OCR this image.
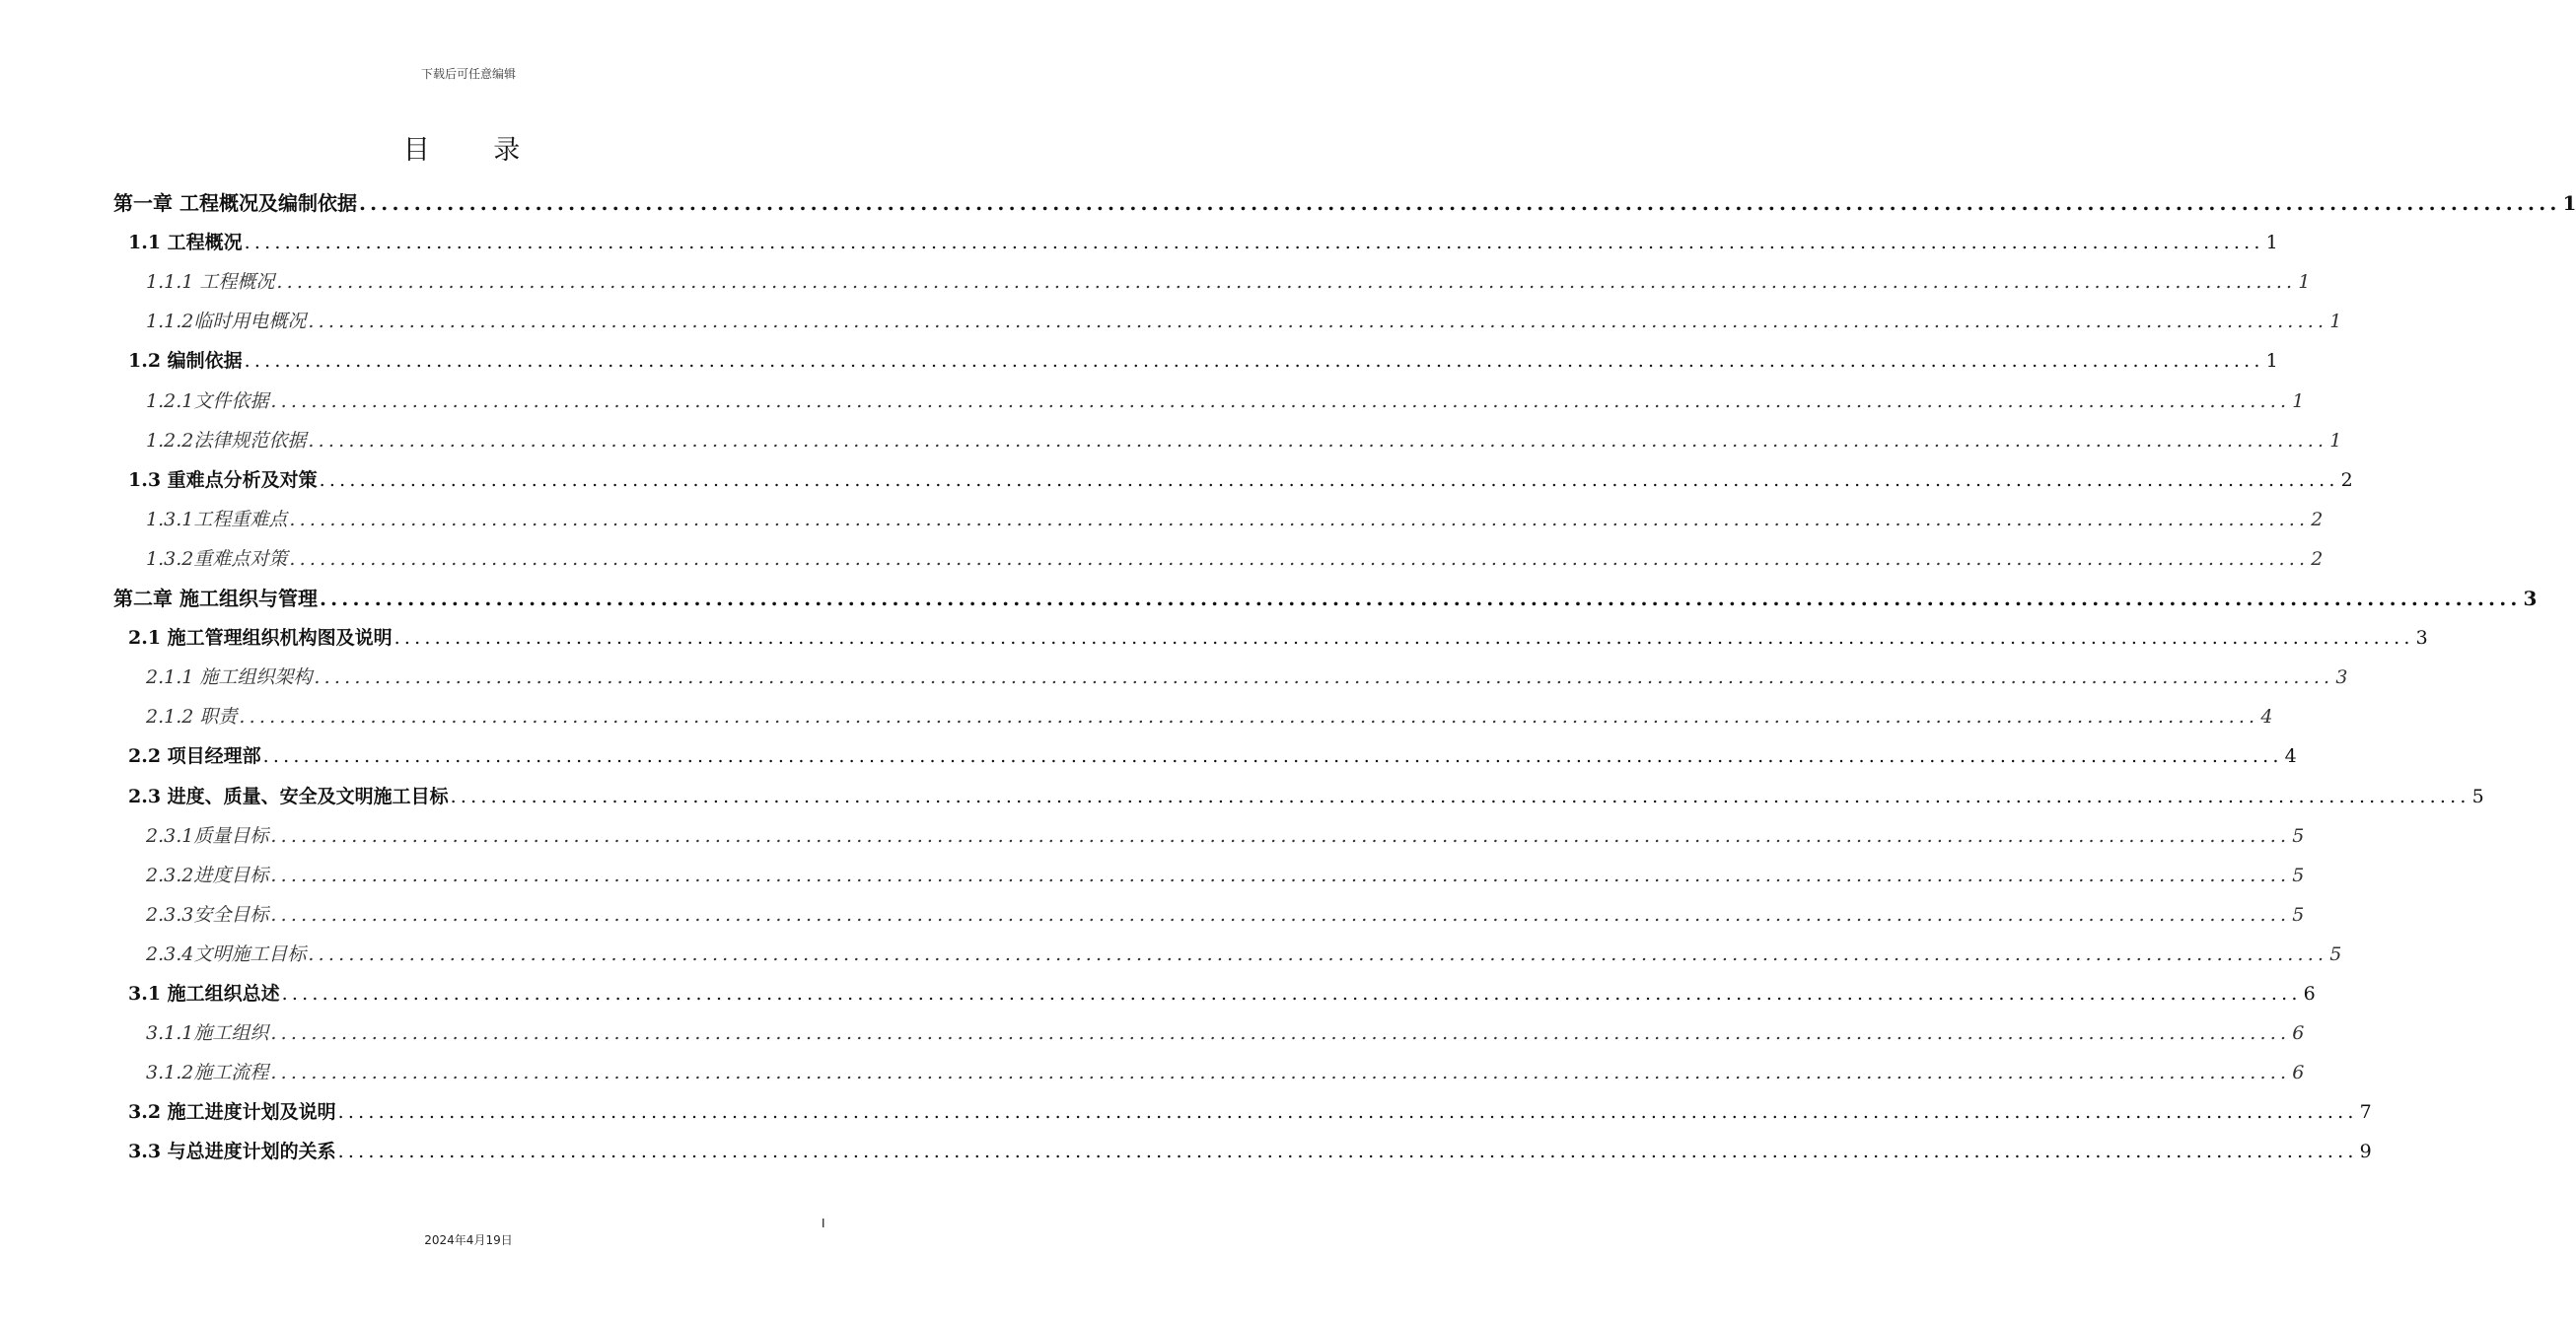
下载后可任意编辑
目 录
第一章 工程概况及编制依据 ........................................................................................................................................................................................................ 1
1.1 工程概况 ........................................................................................................................................................................................................ 1
1.1.1 工程概况 ........................................................................................................................................................................................................ 1
1.1.2临时用电概况 ........................................................................................................................................................................................................ 1
1.2 编制依据 ........................................................................................................................................................................................................ 1
1.2.1文件依据 ........................................................................................................................................................................................................ 1
1.2.2法律规范依据 ........................................................................................................................................................................................................ 1
1.3 重难点分析及对策 ........................................................................................................................................................................................................ 2
1.3.1工程重难点 ........................................................................................................................................................................................................ 2
1.3.2重难点对策 ........................................................................................................................................................................................................ 2
第二章 施工组织与管理 ........................................................................................................................................................................................................ 3
2.1 施工管理组织机构图及说明 ........................................................................................................................................................................................................ 3
2.1.1 施工组织架构 ........................................................................................................................................................................................................ 3
2.1.2 职责 ........................................................................................................................................................................................................ 4
2.2 项目经理部 ........................................................................................................................................................................................................ 4
2.3 进度、质量、安全及文明施工目标 ........................................................................................................................................................................................................ 5
2.3.1质量目标 ........................................................................................................................................................................................................ 5
2.3.2进度目标 ........................................................................................................................................................................................................ 5
2.3.3安全目标 ........................................................................................................................................................................................................ 5
2.3.4文明施工目标 ........................................................................................................................................................................................................ 5
3.1 施工组织总述 ........................................................................................................................................................................................................ 6
3.1.1施工组织 ........................................................................................................................................................................................................ 6
3.1.2施工流程 ........................................................................................................................................................................................................ 6
3.2 施工进度计划及说明 ........................................................................................................................................................................................................ 7
3.3 与总进度计划的关系 ........................................................................................................................................................................................................ 9
I
2024年4月19日
